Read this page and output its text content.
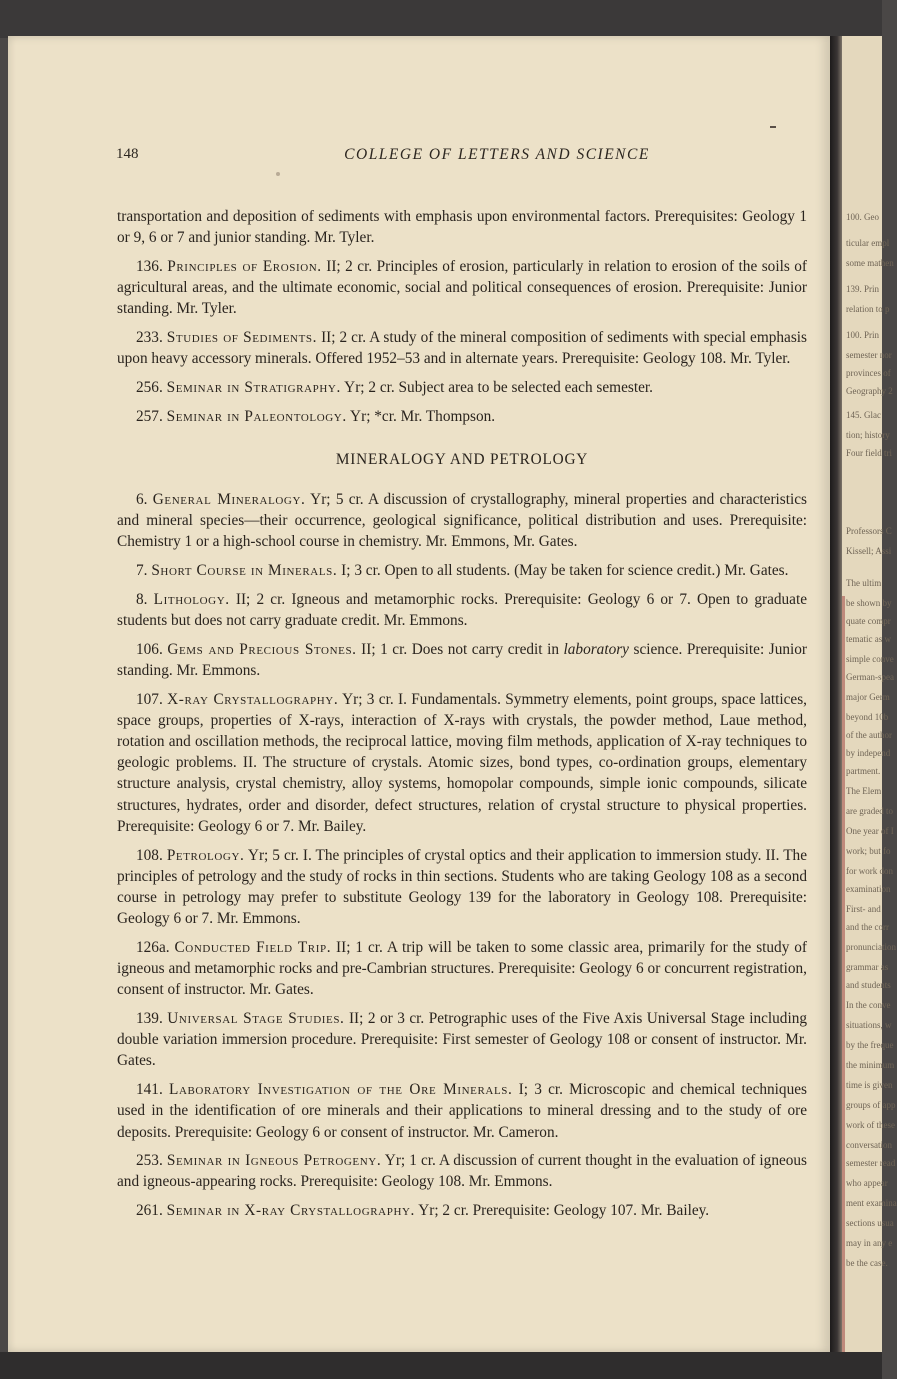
100. Geo
ticular empl
some mathen
139. Prin
relation to p
100. Prin
semester nor
provinces of
Geography 2
145. Glac
tion; history
Four field tri
Professors C
Kissell; Assi
The ultim
be shown by
quate compr
tematic as w
simple conve
German-spea
major Germ
beyond 10b
of the author
by independ
partment.
The Elem
are graded to
One year of I
work; but fo
for work don
examination
First- and
and the corr
pronunciation
grammar as
and students
In the conve
situations, w
by the freque
the minimum
time is given
groups of app
work of these
conversation
semester read
who appear
ment examina
sections usua
may in any e
be the case.
148	COLLEGE OF LETTERS AND SCIENCE

transportation and deposition of sediments with emphasis upon environmental factors. Prerequisites: Geology 1 or 9, 6 or 7 and junior standing. Mr. Tyler.

136. Principles of Erosion. II; 2 cr. Principles of erosion, particularly in relation to erosion of the soils of agricultural areas, and the ultimate economic, social and political consequences of erosion. Prerequisite: Junior standing. Mr. Tyler.

233. Studies of Sediments. II; 2 cr. A study of the mineral composition of sediments with special emphasis upon heavy accessory minerals. Offered 1952–53 and in alternate years. Prerequisite: Geology 108. Mr. Tyler.

256. Seminar in Stratigraphy. Yr; 2 cr. Subject area to be selected each semester.

257. Seminar in Paleontology. Yr; *cr. Mr. Thompson.

MINERALOGY AND PETROLOGY

6. General Mineralogy. Yr; 5 cr. A discussion of crystallography, mineral properties and characteristics and mineral species—their occurrence, geological significance, political distribution and uses. Prerequisite: Chemistry 1 or a high-school course in chemistry. Mr. Emmons, Mr. Gates.

7. Short Course in Minerals. I; 3 cr. Open to all students. (May be taken for science credit.) Mr. Gates.

8. Lithology. II; 2 cr. Igneous and metamorphic rocks. Prerequisite: Geology 6 or 7. Open to graduate students but does not carry graduate credit. Mr. Emmons.

106. Gems and Precious Stones. II; 1 cr. Does not carry credit in laboratory science. Prerequisite: Junior standing. Mr. Emmons.

107. X-ray Crystallography. Yr; 3 cr. I. Fundamentals. Symmetry elements, point groups, space lattices, space groups, properties of X-rays, interaction of X-rays with crystals, the powder method, Laue method, rotation and oscillation methods, the reciprocal lattice, moving film methods, application of X-ray techniques to geologic problems. II. The structure of crystals. Atomic sizes, bond types, co-ordination groups, elementary structure analysis, crystal chemistry, alloy systems, homopolar compounds, simple ionic compounds, silicate structures, hydrates, order and disorder, defect structures, relation of crystal structure to physical properties. Prerequisite: Geology 6 or 7. Mr. Bailey.

108. Petrology. Yr; 5 cr. I. The principles of crystal optics and their application to immersion study. II. The principles of petrology and the study of rocks in thin sections. Students who are taking Geology 108 as a second course in petrology may prefer to substitute Geology 139 for the laboratory in Geology 108. Prerequisite: Geology 6 or 7. Mr. Emmons.

126a. Conducted Field Trip. II; 1 cr. A trip will be taken to some classic area, primarily for the study of igneous and metamorphic rocks and pre-Cambrian structures. Prerequisite: Geology 6 or concurrent registration, consent of instructor. Mr. Gates.

139. Universal Stage Studies. II; 2 or 3 cr. Petrographic uses of the Five Axis Universal Stage including double variation immersion procedure. Prerequisite: First semester of Geology 108 or consent of instructor. Mr. Gates.

141. Laboratory Investigation of the Ore Minerals. I; 3 cr. Microscopic and chemical techniques used in the identification of ore minerals and their applications to mineral dressing and to the study of ore deposits. Prerequisite: Geology 6 or consent of instructor. Mr. Cameron.

253. Seminar in Igneous Petrogeny. Yr; 1 cr. A discussion of current thought in the evaluation of igneous and igneous-appearing rocks. Prerequisite: Geology 108. Mr. Emmons.

261. Seminar in X-ray Crystallography. Yr; 2 cr. Prerequisite: Geology 107. Mr. Bailey.
